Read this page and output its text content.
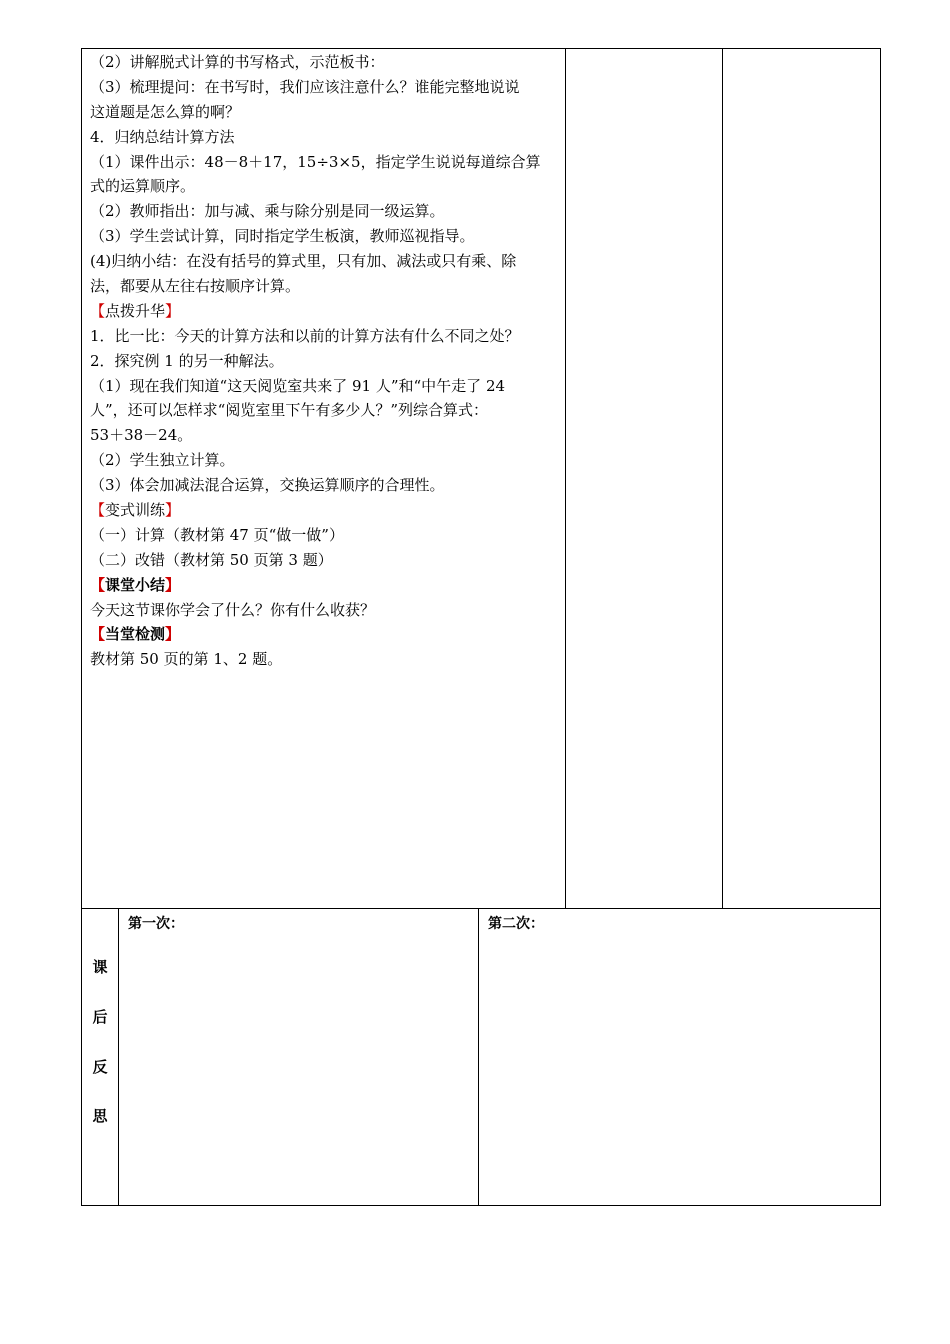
（2）讲解脱式计算的书写格式，示范板书：
（3）梳理提问：在书写时，我们应该注意什么？谁能完整地说说
这道题是怎么算的啊？
4．归纳总结计算方法
（1）课件出示：48－8＋17，15÷3×5，指定学生说说每道综合算
式的运算顺序。
（2）教师指出：加与减、乘与除分别是同一级运算。
（3）学生尝试计算，同时指定学生板演，教师巡视指导。
(4)归纳小结：在没有括号的算式里，只有加、减法或只有乘、除
法，都要从左往右按顺序计算。
【点拨升华】
1．比一比：今天的计算方法和以前的计算方法有什么不同之处？
2．探究例 1 的另一种解法。
（1）现在我们知道“这天阅览室共来了 91 人”和“中午走了 24
人”，还可以怎样求“阅览室里下午有多少人？”列综合算式：
53＋38－24。
（2）学生独立计算。
（3）体会加减法混合运算，交换运算顺序的合理性。
【变式训练】
（一）计算（教材第 47 页“做一做”）
（二）改错（教材第 50 页第 3 题）
【课堂小结】
今天这节课你学会了什么？你有什么收获？
【当堂检测】
教材第 50 页的第 1、2 题。
课
后
反
思
第一次：	第二次：
